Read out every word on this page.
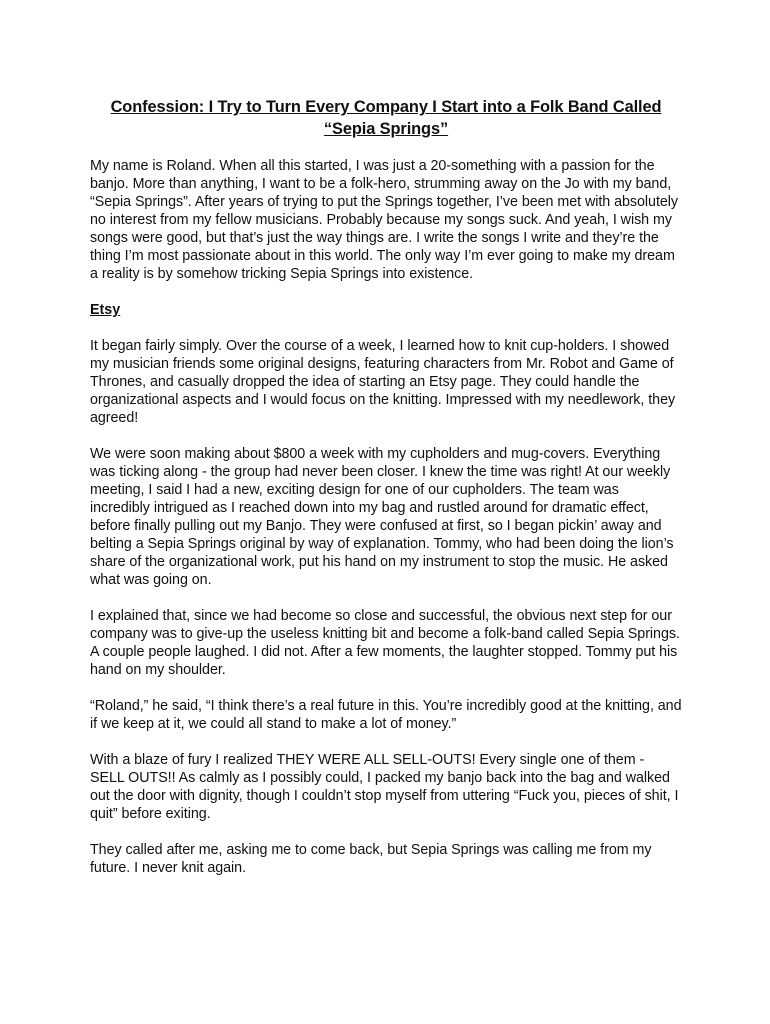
Confession: I Try to Turn Every Company I Start into a Folk Band Called “Sepia Springs”

My name is Roland. When all this started, I was just a 20-something with a passion for the banjo. More than anything, I want to be a folk-hero, strumming away on the Jo with my band, “Sepia Springs”. After years of trying to put the Springs together, I’ve been met with absolutely no interest from my fellow musicians. Probably because my songs suck. And yeah, I wish my songs were good, but that’s just the way things are. I write the songs I write and they’re the thing I’m most passionate about in this world. The only way I’m ever going to make my dream a reality is by somehow tricking Sepia Springs into existence.

Etsy

It began fairly simply. Over the course of a week, I learned how to knit cup-holders. I showed my musician friends some original designs, featuring characters from Mr. Robot and Game of Thrones, and casually dropped the idea of starting an Etsy page. They could handle the organizational aspects and I would focus on the knitting. Impressed with my needlework, they agreed!

We were soon making about $800 a week with my cupholders and mug-covers. Everything was ticking along - the group had never been closer. I knew the time was right! At our weekly meeting, I said I had a new, exciting design for one of our cupholders. The team was incredibly intrigued as I reached down into my bag and rustled around for dramatic effect, before finally pulling out my Banjo. They were confused at first, so I began pickin’ away and belting a Sepia Springs original by way of explanation. Tommy, who had been doing the lion’s share of the organizational work, put his hand on my instrument to stop the music. He asked what was going on.

I explained that, since we had become so close and successful, the obvious next step for our company was to give-up the useless knitting bit and become a folk-band called Sepia Springs. A couple people laughed. I did not. After a few moments, the laughter stopped. Tommy put his hand on my shoulder.

“Roland,” he said, “I think there’s a real future in this. You’re incredibly good at the knitting, and if we keep at it, we could all stand to make a lot of money.”

With a blaze of fury I realized THEY WERE ALL SELL-OUTS! Every single one of them - SELL OUTS!! As calmly as I possibly could, I packed my banjo back into the bag and walked out the door with dignity, though I couldn’t stop myself from uttering “Fuck you, pieces of shit, I quit” before exiting.

They called after me, asking me to come back, but Sepia Springs was calling me from my future. I never knit again.
